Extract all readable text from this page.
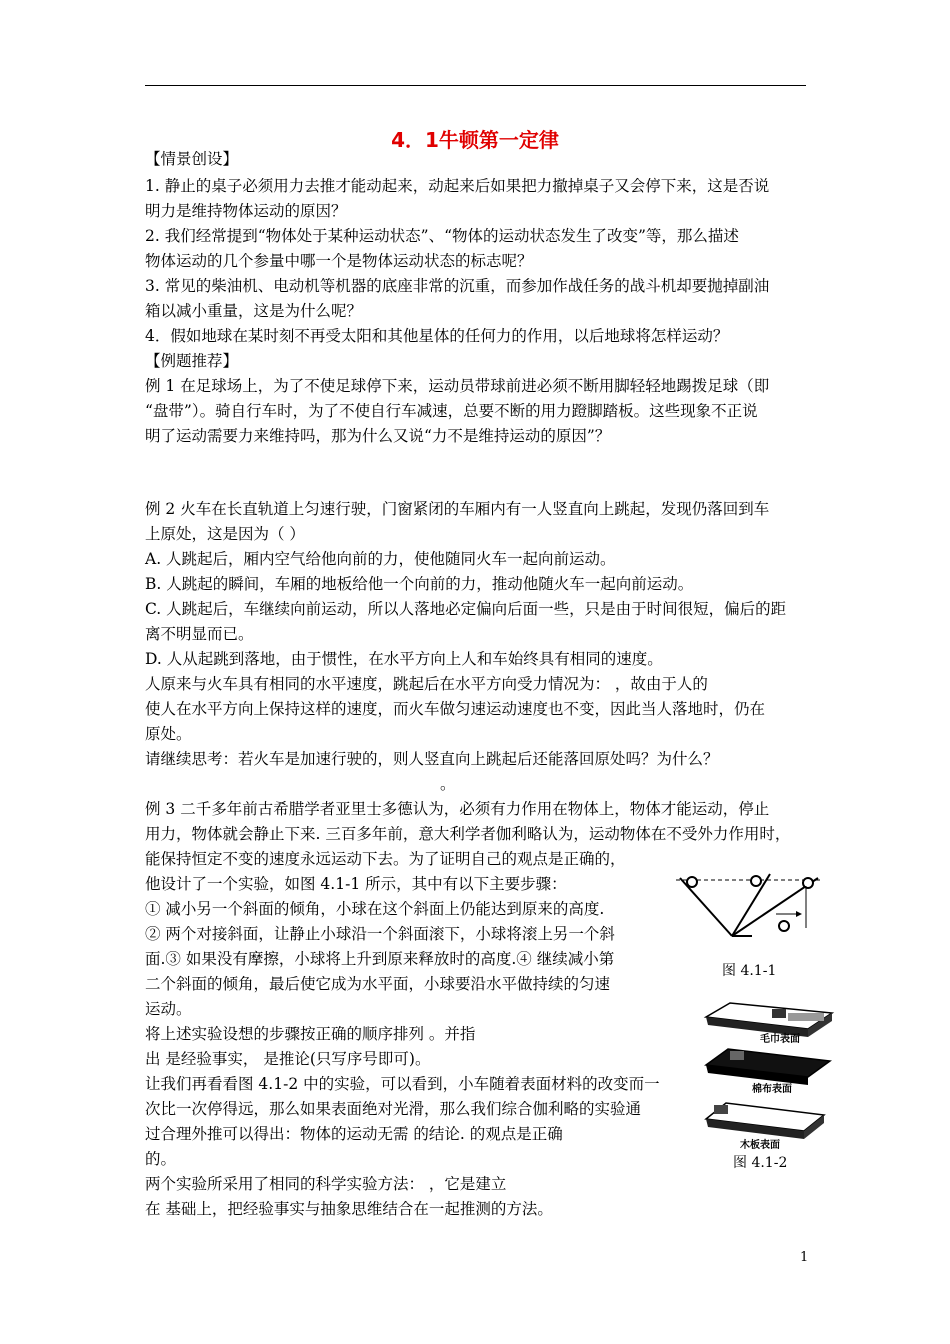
4．1牛顿第一定律
【情景创设】
1. 静止的桌子必须用力去推才能动起来，动起来后如果把力撤掉桌子又会停下来，这是否说
明力是维持物体运动的原因？
2. 我们经常提到“物体处于某种运动状态”、“物体的运动状态发生了改变”等，那么描述
物体运动的几个参量中哪一个是物体运动状态的标志呢？
3. 常见的柴油机、电动机等机器的底座非常的沉重，而参加作战任务的战斗机却要抛掉副油
箱以减小重量，这是为什么呢？
4．假如地球在某时刻不再受太阳和其他星体的任何力的作用，以后地球将怎样运动？
【例题推荐】
例 1 在足球场上，为了不使足球停下来，运动员带球前进必须不断用脚轻轻地踢拨足球（即
“盘带”）。骑自行车时，为了不使自行车减速，总要不断的用力蹬脚踏板。这些现象不正说
明了运动需要力来维持吗，那为什么又说“力不是维持运动的原因”？
例 2 火车在长直轨道上匀速行驶，门窗紧闭的车厢内有一人竖直向上跳起，发现仍落回到车
上原处，这是因为（ ）
A. 人跳起后，厢内空气给他向前的力，使他随同火车一起向前运动。
B. 人跳起的瞬间，车厢的地板给他一个向前的力，推动他随火车一起向前运动。
C. 人跳起后，车继续向前运动，所以人落地必定偏向后面一些，只是由于时间很短，偏后的距
离不明显而已。
D. 人从起跳到落地，由于惯性，在水平方向上人和车始终具有相同的速度。
人原来与火车具有相同的水平速度，跳起后在水平方向受力情况为： ，故由于人的
使人在水平方向上保持这样的速度，而火车做匀速运动速度也不变，因此当人落地时，仍在
原处。
请继续思考：若火车是加速行驶的，则人竖直向上跳起后还能落回原处吗？为什么？
。
例 3 二千多年前古希腊学者亚里士多德认为，必须有力作用在物体上，物体才能运动，停止
用力，物体就会静止下来. 三百多年前，意大利学者伽利略认为，运动物体在不受外力作用时，
能保持恒定不变的速度永远运动下去。为了证明自己的观点是正确的，
他设计了一个实验，如图 4.1-1 所示，其中有以下主要步骤：
① 减小另一个斜面的倾角，小球在这个斜面上仍能达到原来的高度.
② 两个对接斜面，让静止小球沿一个斜面滚下，小球将滚上另一个斜
面.③ 如果没有摩擦，小球将上升到原来释放时的高度.④ 继续减小第
二个斜面的倾角，最后使它成为水平面，小球要沿水平做持续的匀速
运动。
将上述实验设想的步骤按正确的顺序排列 。并指
出 是经验事实， 是推论(只写序号即可)。
让我们再看看图 4.1-2 中的实验，可以看到，小车随着表面材料的改变而一
次比一次停得远，那么如果表面绝对光滑，那么我们综合伽利略的实验通
过合理外推可以得出：物体的运动无需 的结论. 的观点是正确
的。
两个实验所采用了相同的科学实验方法： ，它是建立
在 基础上，把经验事实与抽象思维结合在一起推测的方法。
图 4.1-1
毛巾表面
棉布表面
木板表面
图 4.1-2
1
